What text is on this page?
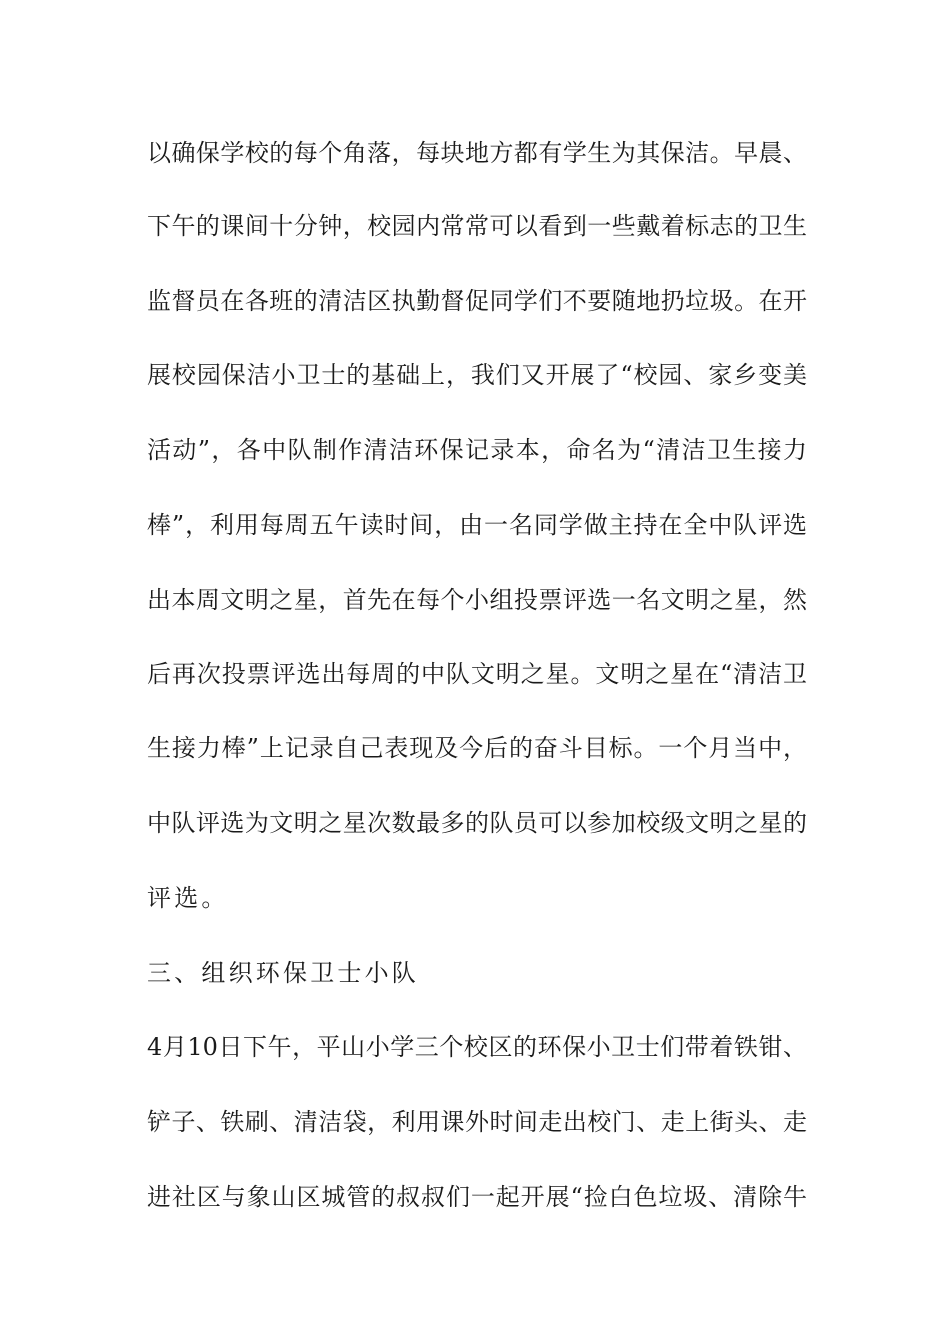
以确保学校的每个角落，每块地方都有学生为其保洁。早晨、
下午的课间十分钟，校园内常常可以看到一些戴着标志的卫生
监督员在各班的清洁区执勤督促同学们不要随地扔垃圾。在开
展校园保洁小卫士的基础上，我们又开展了“校园、家乡变美
活动”，各中队制作清洁环保记录本，命名为“清洁卫生接力
棒”，利用每周五午读时间，由一名同学做主持在全中队评选
出本周文明之星，首先在每个小组投票评选一名文明之星，然
后再次投票评选出每周的中队文明之星。文明之星在“清洁卫
生接力棒”上记录自己表现及今后的奋斗目标。一个月当中，
中队评选为文明之星次数最多的队员可以参加校级文明之星的
评选。
三、组织环保卫士小队
4月10日下午，平山小学三个校区的环保小卫士们带着铁钳、
铲子、铁刷、清洁袋，利用课外时间走出校门、走上街头、走
进社区与象山区城管的叔叔们一起开展“捡白色垃圾、清除牛
